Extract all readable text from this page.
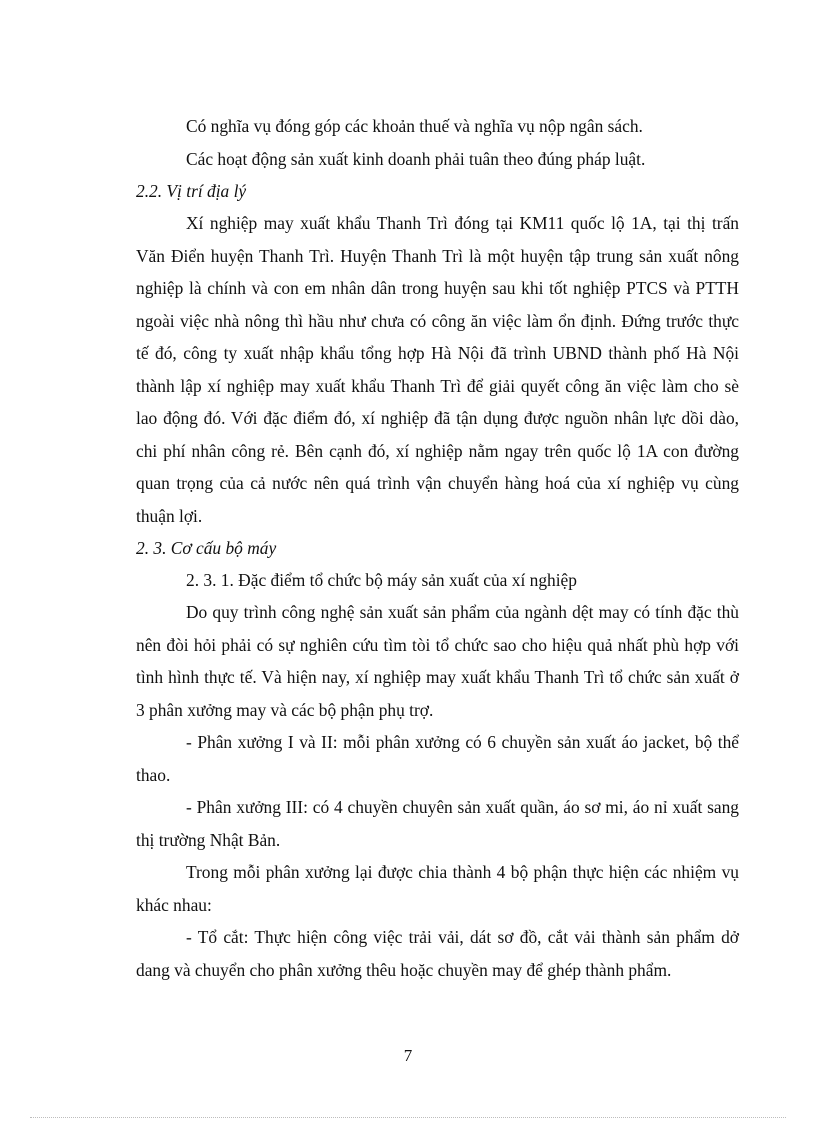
Có nghĩa vụ đóng góp các khoản thuế và nghĩa vụ nộp ngân sách.

Các hoạt động sản xuất kinh doanh phải tuân theo đúng pháp luật.

2.2. Vị trí địa lý

Xí nghiệp may xuất khẩu Thanh Trì đóng tại KM11 quốc lộ 1A, tại thị trấn Văn Điển huyện Thanh Trì. Huyện Thanh Trì là một huyện tập trung sản xuất nông nghiệp là chính và con em nhân dân trong huyện sau khi tốt nghiệp PTCS và PTTH ngoài việc nhà nông thì hầu như chưa có công ăn việc làm ổn định. Đứng trước thực tế đó, công ty xuất nhập khẩu tổng hợp Hà Nội đã trình UBND thành phố Hà Nội thành lập xí nghiệp may xuất khẩu Thanh Trì để giải quyết công ăn việc làm cho sè lao động đó. Với đặc điểm đó, xí nghiệp đã tận dụng được nguồn nhân lực dồi dào, chi phí nhân công rẻ. Bên cạnh đó, xí nghiệp nằm ngay trên quốc lộ 1A con đường quan trọng của cả nước nên quá trình vận chuyển hàng hoá của xí nghiệp vụ cùng thuận lợi.

2. 3. Cơ cấu bộ máy

2. 3. 1. Đặc điểm tổ chức bộ máy sản xuất của xí nghiệp

Do quy trình công nghệ sản xuất sản phẩm của ngành dệt may có tính đặc thù nên đòi hỏi phải có sự nghiên cứu tìm tòi tổ chức sao cho hiệu quả nhất phù hợp với tình hình thực tế. Và hiện nay, xí nghiệp may xuất khẩu Thanh Trì tổ chức sản xuất ở 3 phân xưởng may và các bộ phận phụ trợ.

- Phân xưởng I và II: mỗi phân xưởng có 6 chuyền sản xuất áo jacket, bộ thể thao.

- Phân xưởng III: có 4 chuyền chuyên sản xuất quần, áo sơ mi, áo nỉ xuất sang thị trường Nhật Bản.

Trong mỗi phân xưởng lại được chia thành 4 bộ phận thực hiện các nhiệm vụ khác nhau:

- Tổ cắt: Thực hiện công việc trải vải, dát sơ đồ, cắt vải thành sản phẩm dở dang và chuyển cho phân xưởng thêu hoặc chuyền may để ghép thành phẩm.

7
